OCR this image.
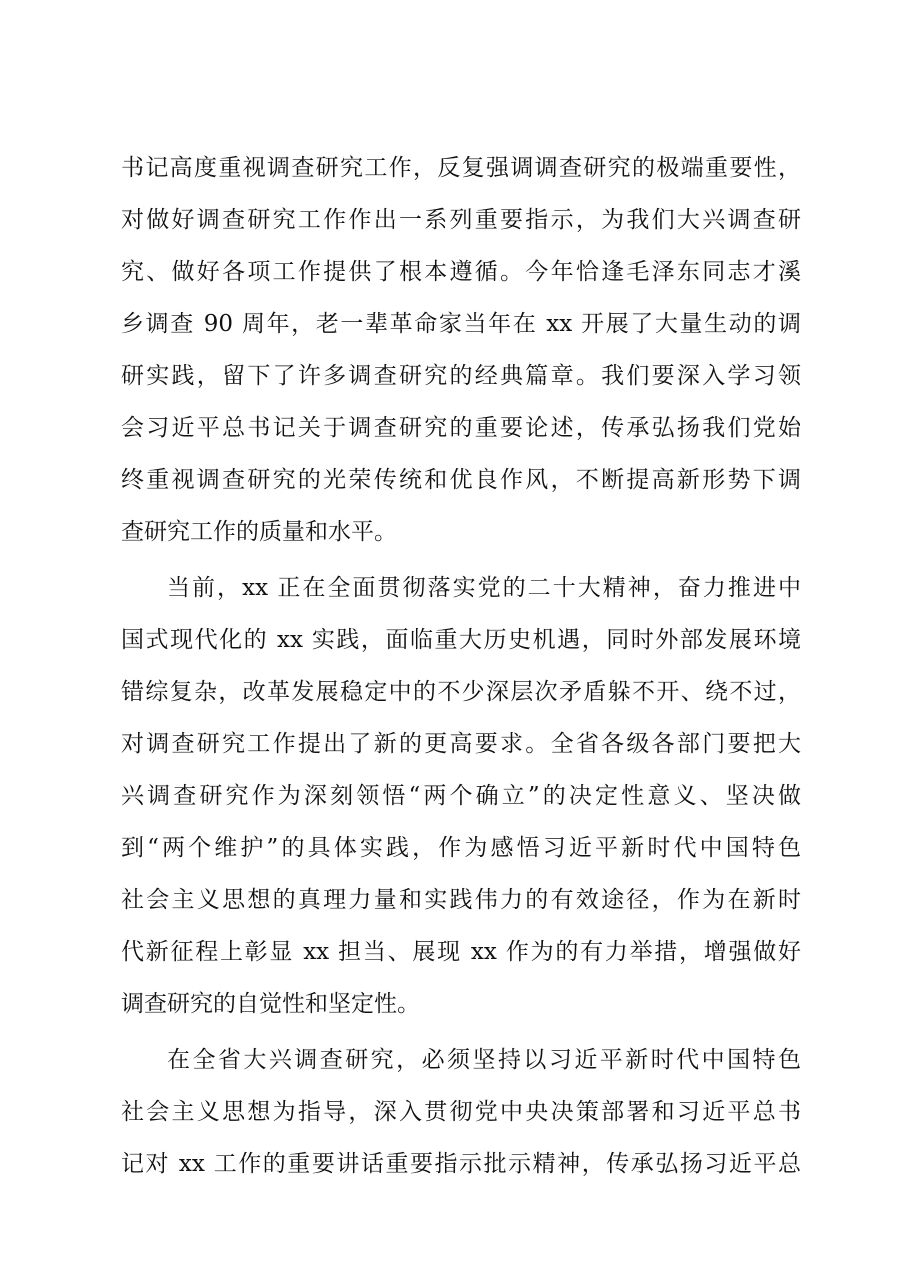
书记高度重视调查研究工作，反复强调调查研究的极端重要性，
对做好调查研究工作作出一系列重要指示，为我们大兴调查研
究、做好各项工作提供了根本遵循。今年恰逢毛泽东同志才溪
乡调查 90 周年，老一辈革命家当年在 xx 开展了大量生动的调
研实践，留下了许多调查研究的经典篇章。我们要深入学习领
会习近平总书记关于调查研究的重要论述，传承弘扬我们党始
终重视调查研究的光荣传统和优良作风，不断提高新形势下调
查研究工作的质量和水平。
当前，xx 正在全面贯彻落实党的二十大精神，奋力推进中
国式现代化的 xx 实践，面临重大历史机遇，同时外部发展环境
错综复杂，改革发展稳定中的不少深层次矛盾躲不开、绕不过，
对调查研究工作提出了新的更高要求。全省各级各部门要把大
兴调查研究作为深刻领悟“两个确立”的决定性意义、坚决做
到“两个维护”的具体实践，作为感悟习近平新时代中国特色
社会主义思想的真理力量和实践伟力的有效途径，作为在新时
代新征程上彰显 xx 担当、展现 xx 作为的有力举措，增强做好
调查研究的自觉性和坚定性。
在全省大兴调查研究，必须坚持以习近平新时代中国特色
社会主义思想为指导，深入贯彻党中央决策部署和习近平总书
记对 xx 工作的重要讲话重要指示批示精神，传承弘扬习近平总
